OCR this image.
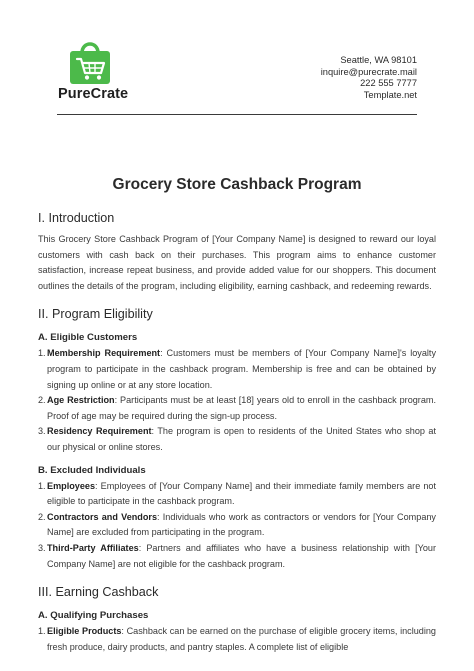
PureCrate
Seattle, WA 98101
inquire@purecrate.mail
222 555 7777
Template.net
Grocery Store Cashback Program
I. Introduction

This Grocery Store Cashback Program of [Your Company Name] is designed to reward our loyal customers with cash back on their purchases. This program aims to enhance customer satisfaction, increase repeat business, and provide added value for our shoppers. This document outlines the details of the program, including eligibility, earning cashback, and redeeming rewards.

II. Program Eligibility
A. Eligible Customers
1. Membership Requirement: Customers must be members of [Your Company Name]'s loyalty program to participate in the cashback program. Membership is free and can be obtained by signing up online or at any store location.
2. Age Restriction: Participants must be at least [18] years old to enroll in the cashback program. Proof of age may be required during the sign-up process.
3. Residency Requirement: The program is open to residents of the United States who shop at our physical or online stores.
B. Excluded Individuals
1. Employees: Employees of [Your Company Name] and their immediate family members are not eligible to participate in the cashback program.
2. Contractors and Vendors: Individuals who work as contractors or vendors for [Your Company Name] are excluded from participating in the program.
3. Third-Party Affiliates: Partners and affiliates who have a business relationship with [Your Company Name] are not eligible for the cashback program.
III. Earning Cashback
A. Qualifying Purchases
1. Eligible Products: Cashback can be earned on the purchase of eligible grocery items, including fresh produce, dairy products, and pantry staples. A complete list of eligible
